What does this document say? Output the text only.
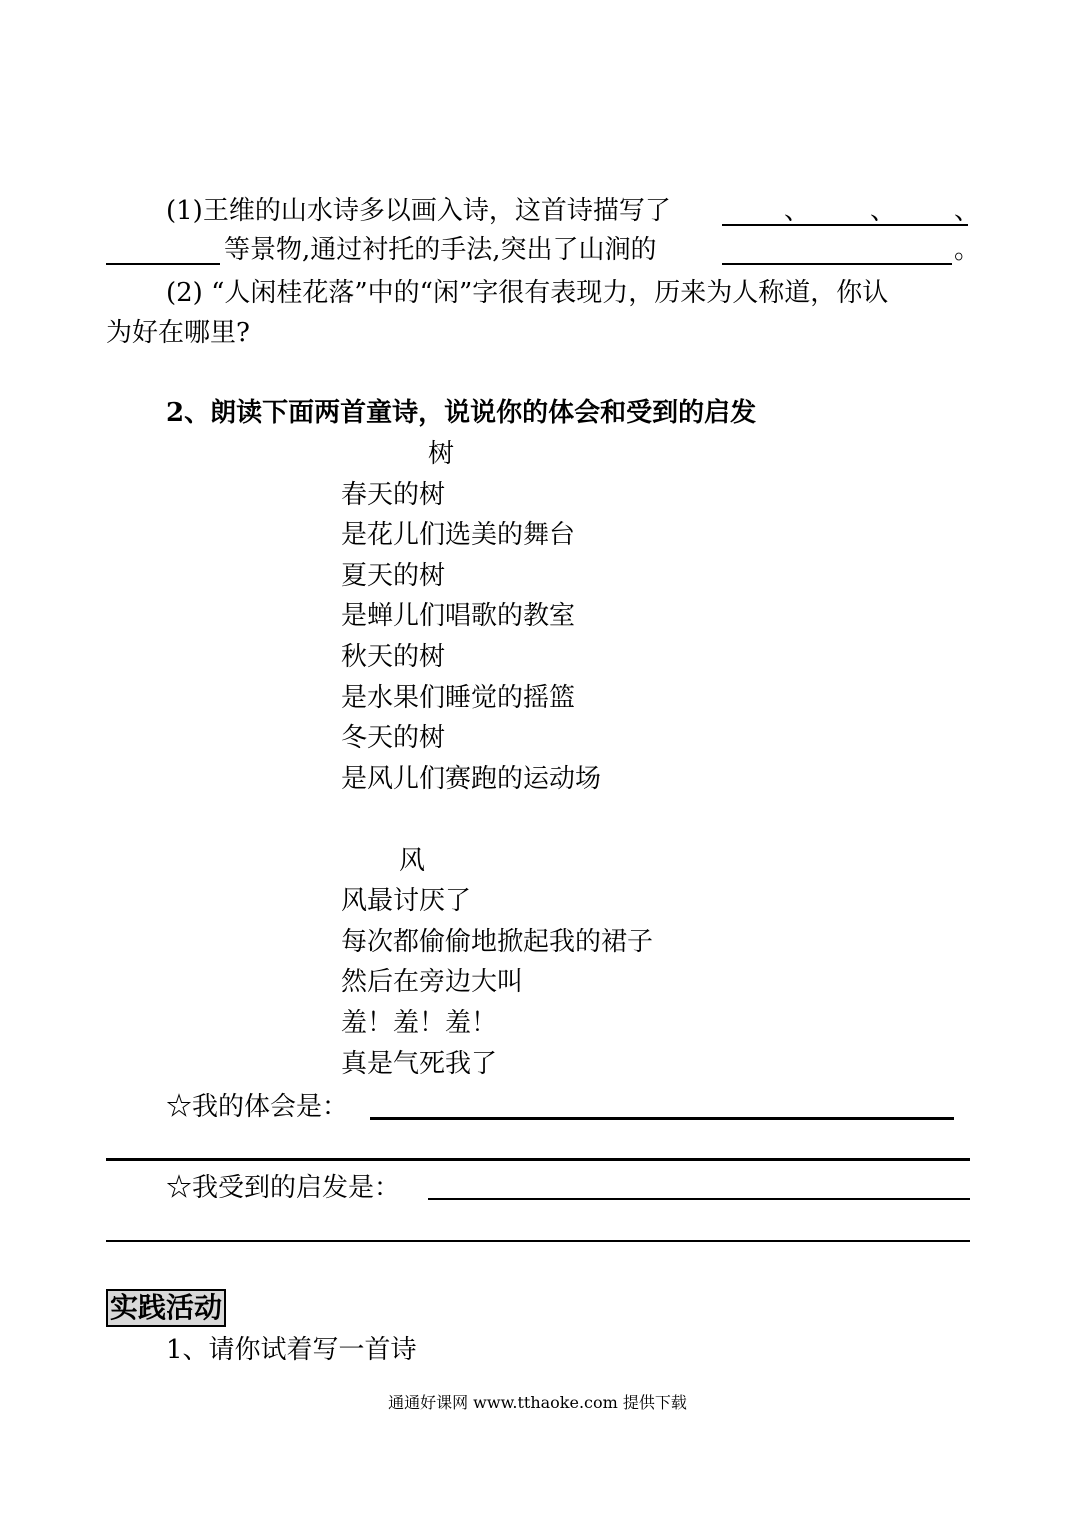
(1)王维的山水诗多以画入诗，这首诗描写了	、 、 、
等景物,通过衬托的手法,突出了山涧的	。
(2) “人闲桂花落”中的“闲”字很有表现力，历来为人称道，你认
为好在哪里?
2、朗读下面两首童诗，说说你的体会和受到的启发
树
春天的树
是花儿们选美的舞台
夏天的树
是蝉儿们唱歌的教室
秋天的树
是水果们睡觉的摇篮
冬天的树
是风儿们赛跑的运动场
风
风最讨厌了
每次都偷偷地掀起我的裙子
然后在旁边大叫
羞！羞！羞！
真是气死我了
☆我的体会是：
☆我受到的启发是：
实践活动
1、请你试着写一首诗
通通好课网 www.tthaoke.com 提供下载
